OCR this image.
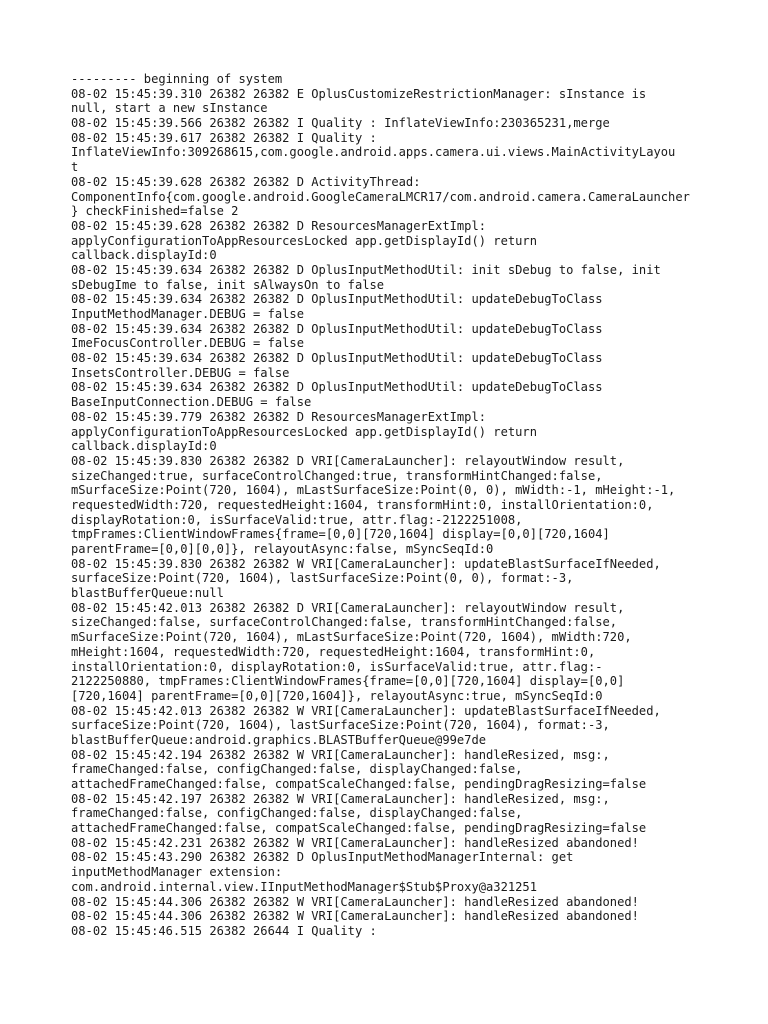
--------- beginning of system
08-02 15:45:39.310 26382 26382 E OplusCustomizeRestrictionManager: sInstance is
null, start a new sInstance
08-02 15:45:39.566 26382 26382 I Quality : InflateViewInfo:230365231,merge
08-02 15:45:39.617 26382 26382 I Quality :
InflateViewInfo:309268615,com.google.android.apps.camera.ui.views.MainActivityLayou
t
08-02 15:45:39.628 26382 26382 D ActivityThread:
ComponentInfo{com.google.android.GoogleCameraLMCR17/com.android.camera.CameraLauncher
} checkFinished=false 2
08-02 15:45:39.628 26382 26382 D ResourcesManagerExtImpl:
applyConfigurationToAppResourcesLocked app.getDisplayId() return
callback.displayId:0
08-02 15:45:39.634 26382 26382 D OplusInputMethodUtil: init sDebug to false, init
sDebugIme to false, init sAlwaysOn to false
08-02 15:45:39.634 26382 26382 D OplusInputMethodUtil: updateDebugToClass
InputMethodManager.DEBUG = false
08-02 15:45:39.634 26382 26382 D OplusInputMethodUtil: updateDebugToClass
ImeFocusController.DEBUG = false
08-02 15:45:39.634 26382 26382 D OplusInputMethodUtil: updateDebugToClass
InsetsController.DEBUG = false
08-02 15:45:39.634 26382 26382 D OplusInputMethodUtil: updateDebugToClass
BaseInputConnection.DEBUG = false
08-02 15:45:39.779 26382 26382 D ResourcesManagerExtImpl:
applyConfigurationToAppResourcesLocked app.getDisplayId() return
callback.displayId:0
08-02 15:45:39.830 26382 26382 D VRI[CameraLauncher]: relayoutWindow result,
sizeChanged:true, surfaceControlChanged:true, transformHintChanged:false,
mSurfaceSize:Point(720, 1604), mLastSurfaceSize:Point(0, 0), mWidth:-1, mHeight:-1,
requestedWidth:720, requestedHeight:1604, transformHint:0, installOrientation:0,
displayRotation:0, isSurfaceValid:true, attr.flag:-2122251008,
tmpFrames:ClientWindowFrames{frame=[0,0][720,1604] display=[0,0][720,1604]
parentFrame=[0,0][0,0]}, relayoutAsync:false, mSyncSeqId:0
08-02 15:45:39.830 26382 26382 W VRI[CameraLauncher]: updateBlastSurfaceIfNeeded,
surfaceSize:Point(720, 1604), lastSurfaceSize:Point(0, 0), format:-3,
blastBufferQueue:null
08-02 15:45:42.013 26382 26382 D VRI[CameraLauncher]: relayoutWindow result,
sizeChanged:false, surfaceControlChanged:false, transformHintChanged:false,
mSurfaceSize:Point(720, 1604), mLastSurfaceSize:Point(720, 1604), mWidth:720,
mHeight:1604, requestedWidth:720, requestedHeight:1604, transformHint:0,
installOrientation:0, displayRotation:0, isSurfaceValid:true, attr.flag:-
2122250880, tmpFrames:ClientWindowFrames{frame=[0,0][720,1604] display=[0,0]
[720,1604] parentFrame=[0,0][720,1604]}, relayoutAsync:true, mSyncSeqId:0
08-02 15:45:42.013 26382 26382 W VRI[CameraLauncher]: updateBlastSurfaceIfNeeded,
surfaceSize:Point(720, 1604), lastSurfaceSize:Point(720, 1604), format:-3,
blastBufferQueue:android.graphics.BLASTBufferQueue@99e7de
08-02 15:45:42.194 26382 26382 W VRI[CameraLauncher]: handleResized, msg:,
frameChanged:false, configChanged:false, displayChanged:false,
attachedFrameChanged:false, compatScaleChanged:false, pendingDragResizing=false
08-02 15:45:42.197 26382 26382 W VRI[CameraLauncher]: handleResized, msg:,
frameChanged:false, configChanged:false, displayChanged:false,
attachedFrameChanged:false, compatScaleChanged:false, pendingDragResizing=false
08-02 15:45:42.231 26382 26382 W VRI[CameraLauncher]: handleResized abandoned!
08-02 15:45:43.290 26382 26382 D OplusInputMethodManagerInternal: get
inputMethodManager extension:
com.android.internal.view.IInputMethodManager$Stub$Proxy@a321251
08-02 15:45:44.306 26382 26382 W VRI[CameraLauncher]: handleResized abandoned!
08-02 15:45:44.306 26382 26382 W VRI[CameraLauncher]: handleResized abandoned!
08-02 15:45:46.515 26382 26644 I Quality :
